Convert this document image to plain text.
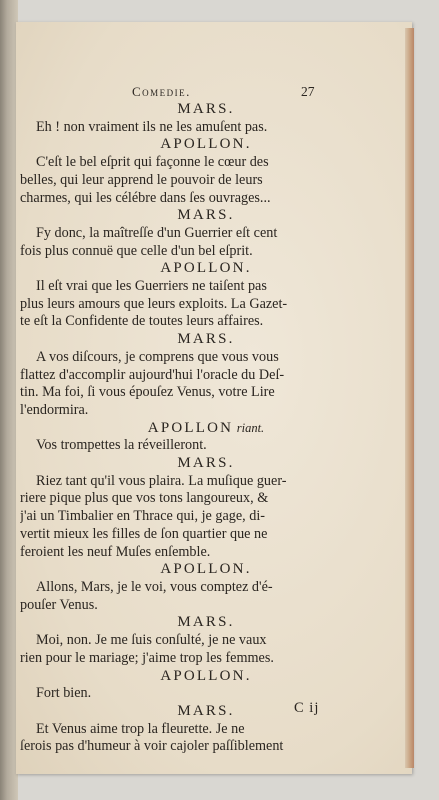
Comedie.	27
MARS.
Eh ! non vraiment ils ne les amuſent pas.
APOLLON.
C'eſt le bel eſprit qui façonne le cœur des
belles, qui leur apprend le pouvoir de leurs
charmes, qui les célébre dans ſes ouvrages...
MARS.
Fy donc, la maîtreſſe d'un Guerrier eſt cent
fois plus connuë que celle d'un bel eſprit.
APOLLON.
Il eſt vrai que les Guerriers ne taiſent pas
plus leurs amours que leurs exploits. La Gazet-
te eſt la Confidente de toutes leurs affaires.
MARS.
A vos diſcours, je comprens que vous vous
flattez d'accomplir aujourd'hui l'oracle du Deſ-
tin. Ma foi, ſi vous épouſez Venus, votre Lire
l'endormira.
APOLLON riant.
Vos trompettes la réveilleront.
MARS.
Riez tant qu'il vous plaira. La muſique guer-
riere pique plus que vos tons langoureux, &
j'ai un Timbalier en Thrace qui, je gage, di-
vertit mieux les filles de ſon quartier que ne
feroient les neuf Muſes enſemble.
APOLLON.
Allons, Mars, je le voi, vous comptez d'é-
pouſer Venus.
MARS.
Moi, non. Je me ſuis conſulté, je ne vaux
rien pour le mariage; j'aime trop les femmes.
APOLLON.
Fort bien.
MARS.
Et Venus aime trop la fleurette. Je ne
ſerois pas d'humeur à voir cajoler paſſiblement
C ij
